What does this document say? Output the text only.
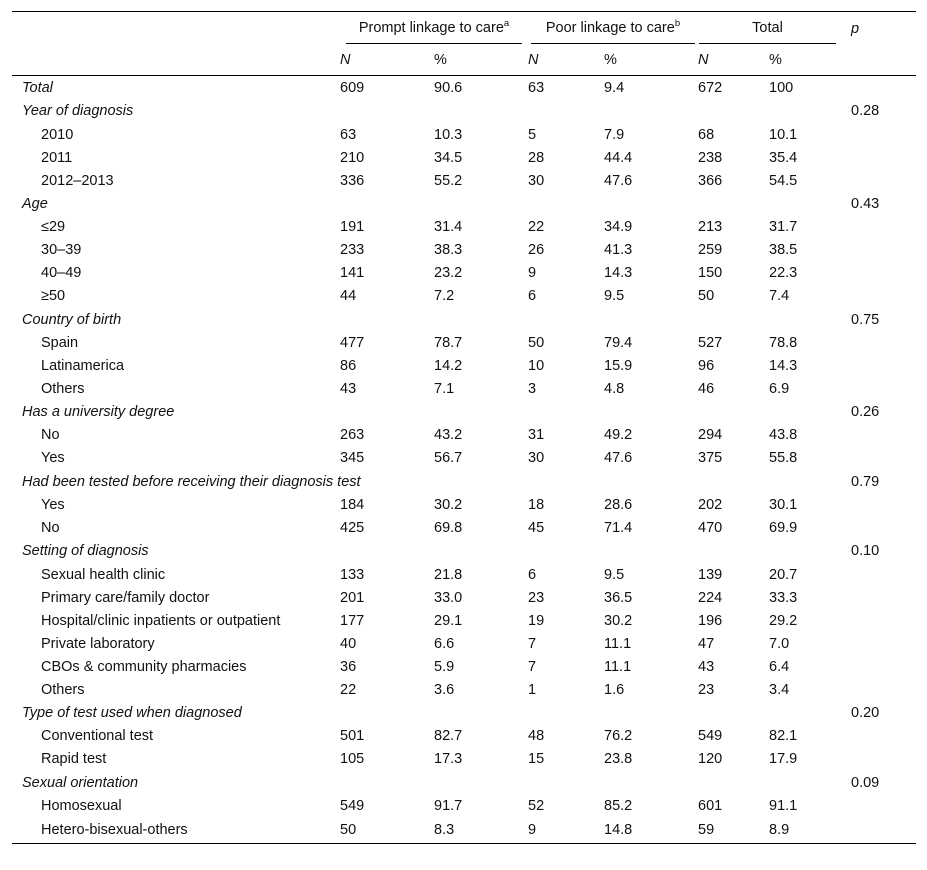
	Prompt linkage to care$^a$		Poor linkage to care$^b$		Total		p
	N	%	N	%	N	%	
Total	609	90.6	63	9.4	672	100	
Year of diagnosis							0.28
2010	63	10.3	5	7.9	68	10.1	
2011	210	34.5	28	44.4	238	35.4	
2012–2013	336	55.2	30	47.6	366	54.5	
Age							0.43
≤29	191	31.4	22	34.9	213	31.7	
30–39	233	38.3	26	41.3	259	38.5	
40–49	141	23.2	9	14.3	150	22.3	
≥50	44	7.2	6	9.5	50	7.4	
Country of birth							0.75
Spain	477	78.7	50	79.4	527	78.8	
Latinamerica	86	14.2	10	15.9	96	14.3	
Others	43	7.1	3	4.8	46	6.9	
Has a university degree							0.26
No	263	43.2	31	49.2	294	43.8	
Yes	345	56.7	30	47.6	375	55.8	
Had been tested before receiving their diagnosis test							0.79
Yes	184	30.2	18	28.6	202	30.1	
No	425	69.8	45	71.4	470	69.9	
Setting of diagnosis							0.10
Sexual health clinic	133	21.8	6	9.5	139	20.7	
Primary care/family doctor	201	33.0	23	36.5	224	33.3	
Hospital/clinic inpatients or outpatient	177	29.1	19	30.2	196	29.2	
Private laboratory	40	6.6	7	11.1	47	7.0	
CBOs & community pharmacies	36	5.9	7	11.1	43	6.4	
Others	22	3.6	1	1.6	23	3.4	
Type of test used when diagnosed							0.20
Conventional test	501	82.7	48	76.2	549	82.1	
Rapid test	105	17.3	15	23.8	120	17.9	
Sexual orientation							0.09
Homosexual	549	91.7	52	85.2	601	91.1	
Hetero-bisexual-others	50	8.3	9	14.8	59	8.9	
